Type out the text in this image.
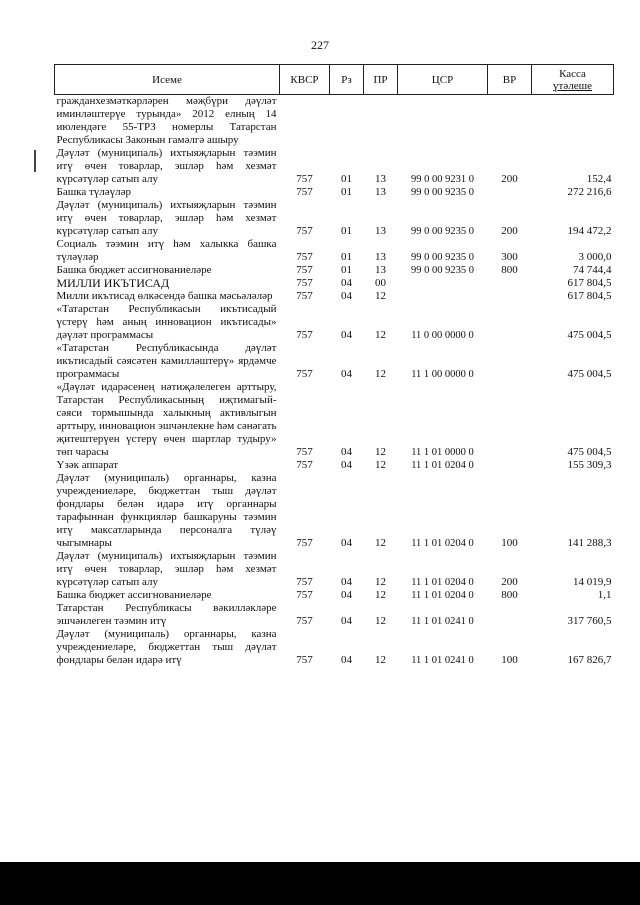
227
Исеме	КВСР	Рз	ПР	ЦСР	ВР	Касса
үтәлеше

гражданхезмәткәрләрен мәҗбүри дәүләт иминләштерүе турында» 2012 елның 14 июлендәге 55-ТРЗ номерлы Татарстан Республикасы Законын гамәлгә ашыру						
Дәүләт (муниципаль) ихтыяҗларын тәэмин итү өчен товарлар, эшләр һәм хезмәт күрсәтүләр сатып алу	757	01	13	99 0 00 9231 0	200	152,4
Башка түләүләр	757	01	13	99 0 00 9235 0		272 216,6
Дәүләт (муниципаль) ихтыяҗларын тәэмин итү өчен товарлар, эшләр һәм хезмәт күрсәтүләр сатып алу	757	01	13	99 0 00 9235 0	200	194 472,2
Социаль тәэмин итү һәм халыкка башка түләүләр	757	01	13	99 0 00 9235 0	300	3 000,0
Башка бюджет ассигнованиеләре	757	01	13	99 0 00 9235 0	800	74 744,4
МИЛЛИ ИКЪТИСАД	757	04	00			617 804,5
Милли икътисад өлкәсендә башка мәсьәләләр	757	04	12			617 804,5
«Татарстан Республикасын икътисадый үстерү һәм аның инновацион икътисады» дәүләт программасы	757	04	12	11 0 00 0000 0		475 004,5
«Татарстан Республикасында дәүләт икътисадый сәясәтен камилләштерү» ярдәмче программасы	757	04	12	11 1 00 0000 0		475 004,5
«Дәүләт идарәсенең нәтиҗәлелеген арттыру, Татарстан Республикасының иҗтимагый-сәяси тормышында халыкның активлыгын арттыру, инновацион эшчәнлекне һәм сәнәгать җитештерүен үстерү өчен шартлар тудыру» төп чарасы	757	04	12	11 1 01 0000 0		475 004,5
Үзәк аппарат	757	04	12	11 1 01 0204 0		155 309,3
Дәүләт (муниципаль) органнары, казна учреждениеләре, бюджеттан тыш дәүләт фондлары белән идарә итү органнары тарафыннан функцияләр башкаруны тәэмин итү максатларында персоналга түләү чыгымнары	757	04	12	11 1 01 0204 0	100	141 288,3
Дәүләт (муниципаль) ихтыяҗларын тәэмин итү өчен товарлар, эшләр һәм хезмәт күрсәтүләр сатып алу	757	04	12	11 1 01 0204 0	200	14 019,9
Башка бюджет ассигнованиеләре	757	04	12	11 1 01 0204 0	800	1,1
Татарстан Республикасы вәкилләкләре эшчәнлеген тәэмин итү	757	04	12	11 1 01 0241 0		317 760,5
Дәүләт (муниципаль) органнары, казна учреждениеләре, бюджеттан тыш дәүләт фондлары белән идарә итү	757	04	12	11 1 01 0241 0	100	167 826,7
